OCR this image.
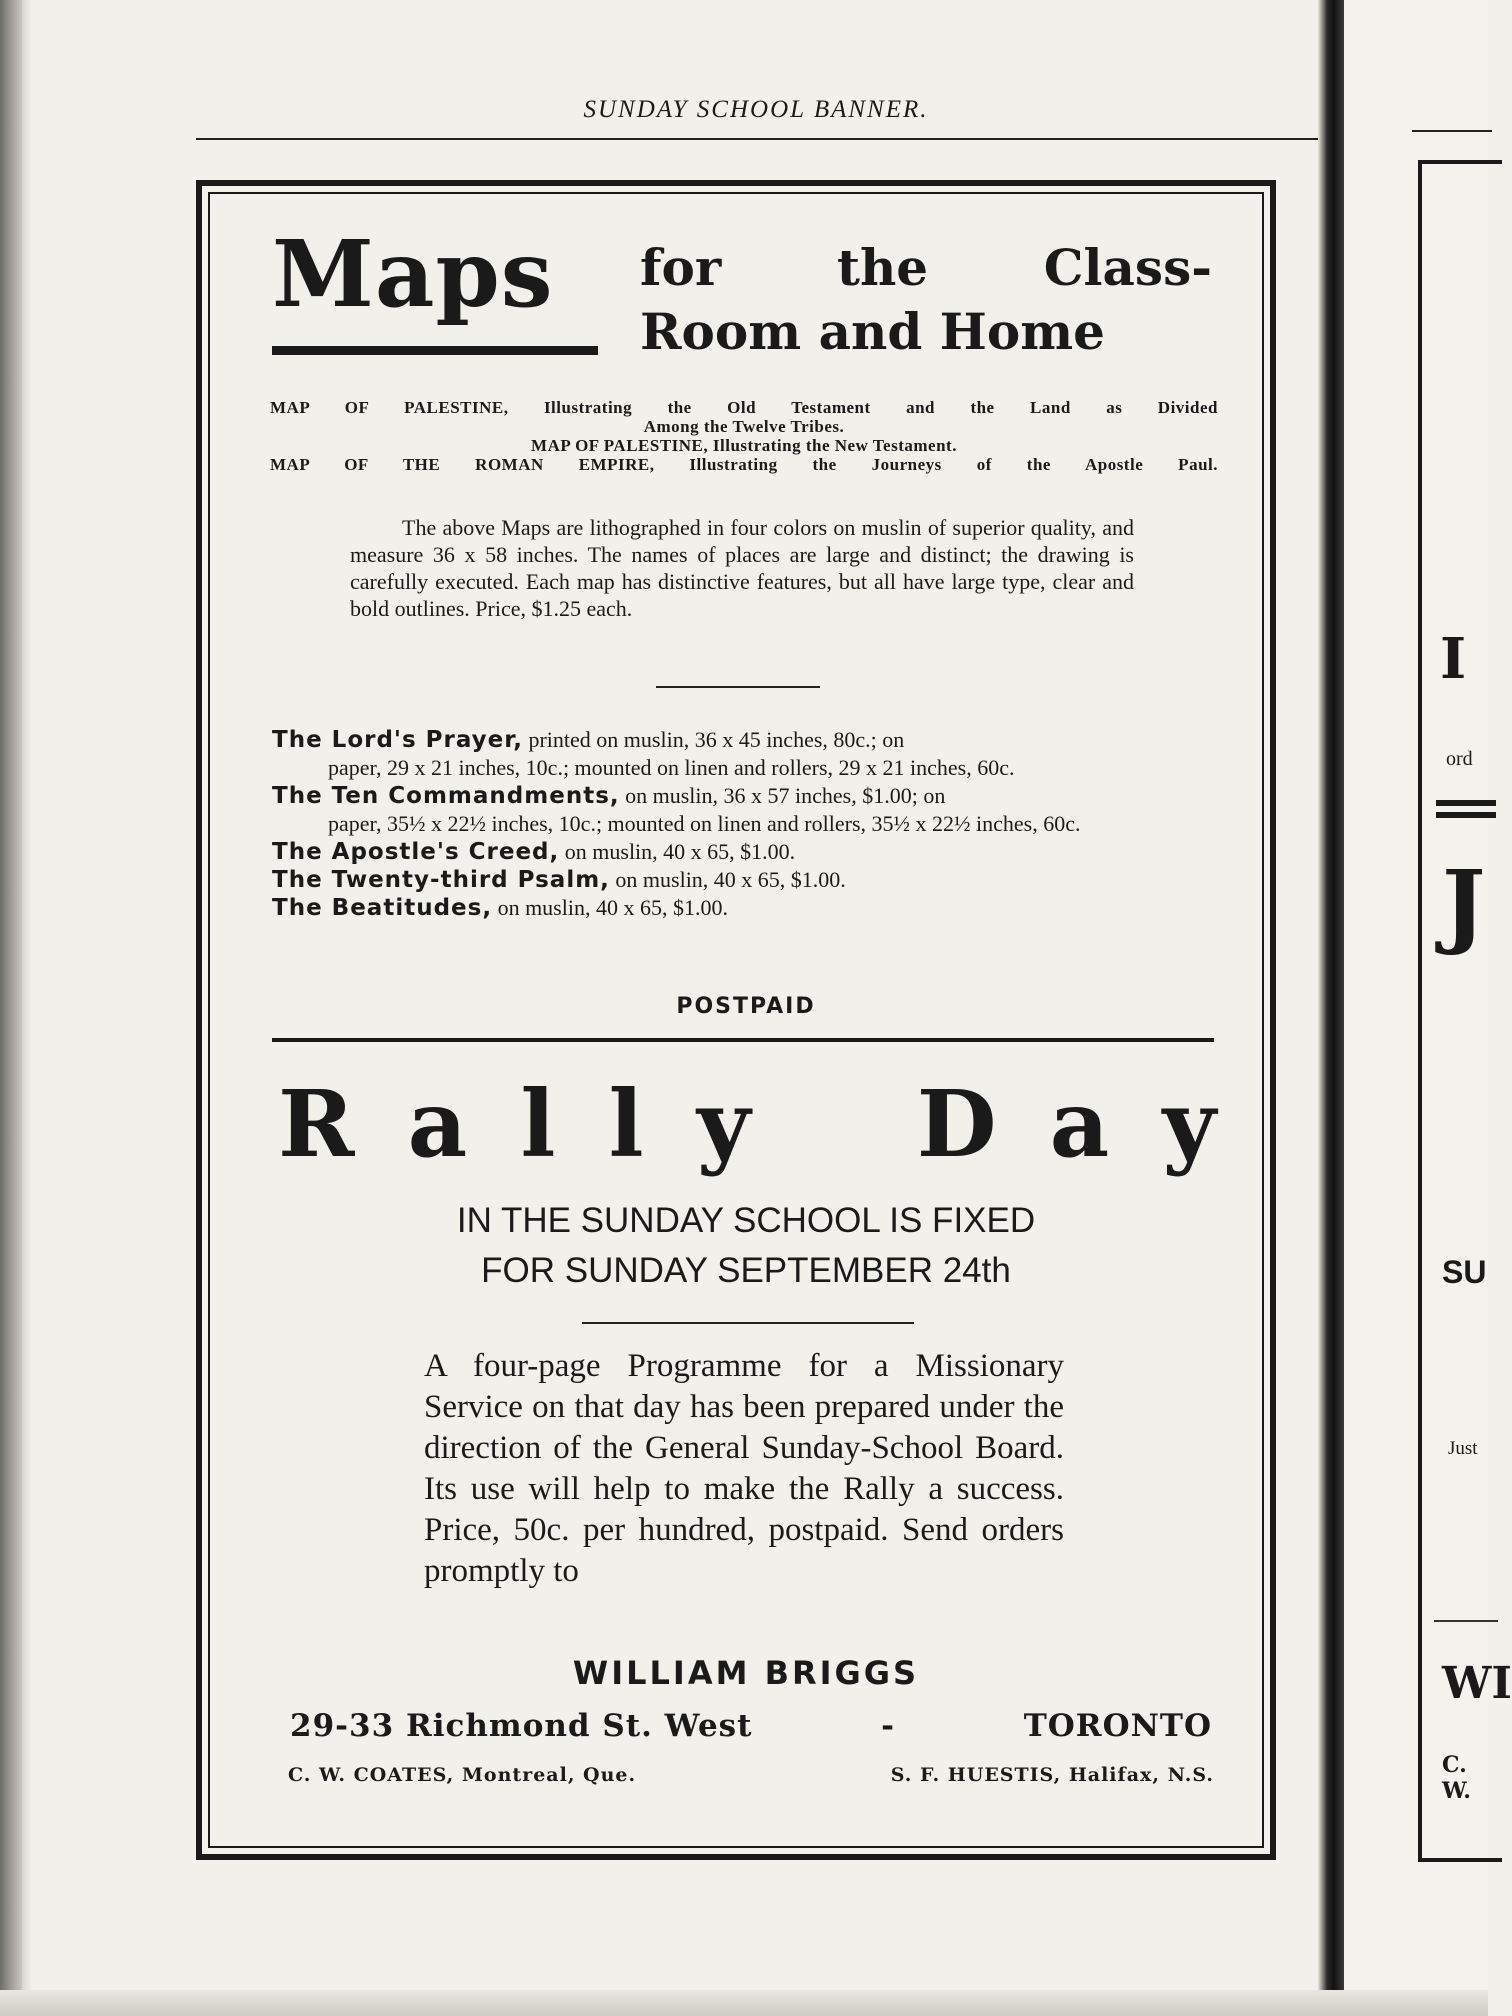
SUNDAY SCHOOL BANNER.
Maps for the Class-
Room and Home
MAP OF PALESTINE, Illustrating the Old Testament and the Land as Divided
Among the Twelve Tribes.
MAP OF PALESTINE, Illustrating the New Testament.
MAP OF THE ROMAN EMPIRE, Illustrating the Journeys of the Apostle Paul.
The above Maps are lithographed in four colors on muslin of superior quality, and measure 36 x 58 inches. The names of places are large and distinct; the drawing is carefully executed. Each map has distinctive features, but all have large type, clear and bold outlines. Price, $1.25 each.
The Lord's Prayer, printed on muslin, 36 x 45 inches, 80c.; on
paper, 29 x 21 inches, 10c.; mounted on linen and rollers, 29 x 21 inches, 60c.
The Ten Commandments, on muslin, 36 x 57 inches, $1.00; on
paper, 35½ x 22½ inches, 10c.; mounted on linen and rollers, 35½ x 22½ inches, 60c.
The Apostle's Creed, on muslin, 40 x 65, $1.00.
The Twenty-third Psalm, on muslin, 40 x 65, $1.00.
The Beatitudes, on muslin, 40 x 65, $1.00.
POSTPAID
R a l l y D a y
IN THE SUNDAY SCHOOL IS FIXED
FOR SUNDAY SEPTEMBER 24th

A four-page Programme for a Missionary Service on that day has been prepared under the direction of the General Sunday-School Board. Its use will help to make the Rally a success. Price, 50c. per hundred, postpaid. Send orders promptly to

WILLIAM BRIGGS
29-33 Richmond St. West	-	TORONTO
C. W. COATES, Montreal, Que.	S. F. HUESTIS, Halifax, N.S.
I
ord
J
SU
Just
WI
C. W.
